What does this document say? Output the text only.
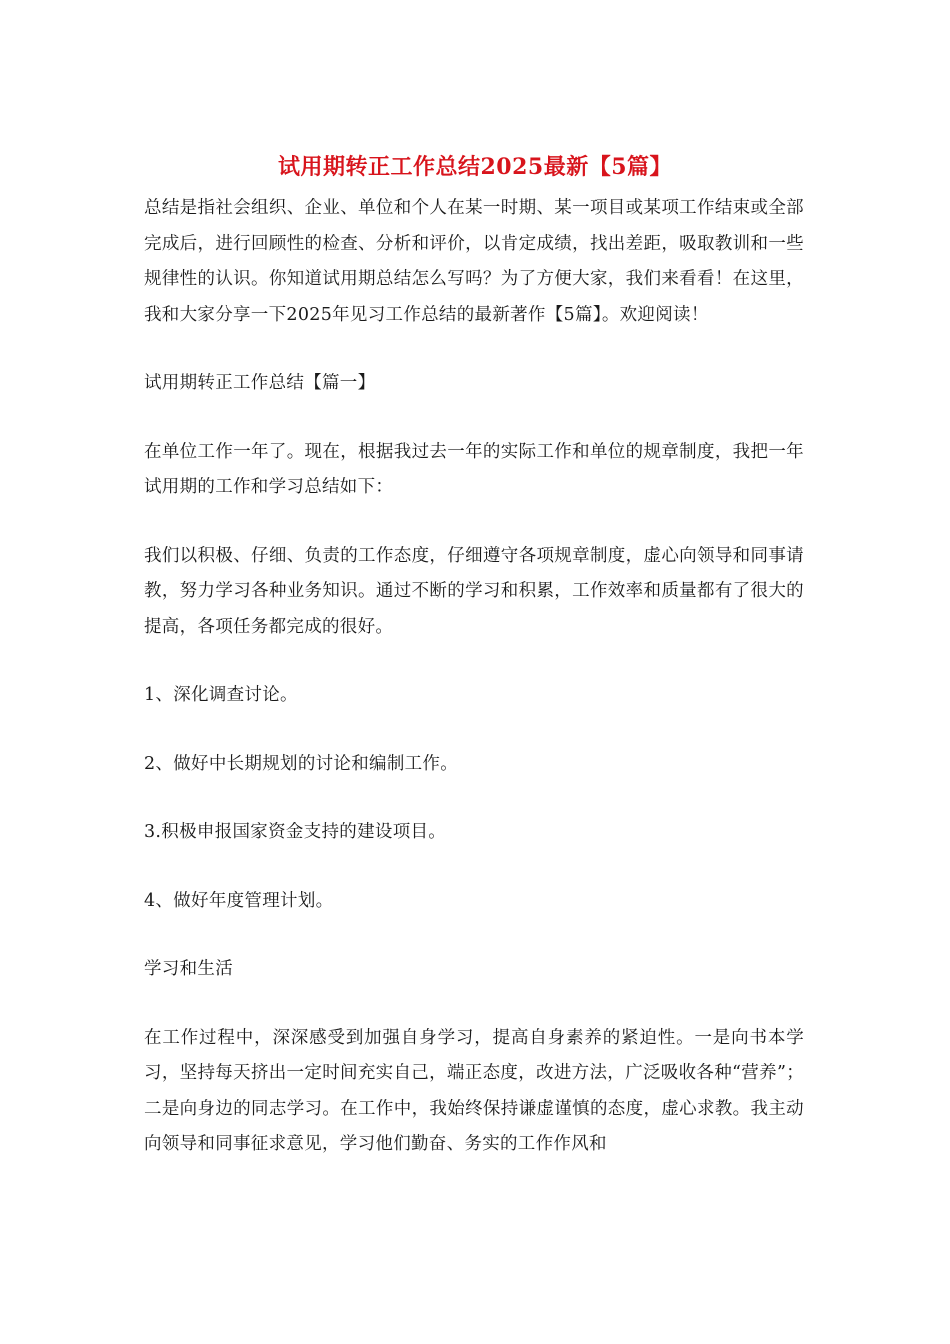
试用期转正工作总结2025最新【5篇】

总结是指社会组织、企业、单位和个人在某一时期、某一项目或某项工作结束或全部完成后，进行回顾性的检查、分析和评价，以肯定成绩，找出差距，吸取教训和一些规律性的认识。你知道试用期总结怎么写吗？为了方便大家，我们来看看！在这里，我和大家分享一下2025年见习工作总结的最新著作【5篇】。欢迎阅读！

试用期转正工作总结【篇一】

在单位工作一年了。现在，根据我过去一年的实际工作和单位的规章制度，我把一年试用期的工作和学习总结如下：

我们以积极、仔细、负责的工作态度，仔细遵守各项规章制度，虚心向领导和同事请教，努力学习各种业务知识。通过不断的学习和积累，工作效率和质量都有了很大的提高，各项任务都完成的很好。

1、深化调查讨论。

2、做好中长期规划的讨论和编制工作。

3.积极申报国家资金支持的建设项目。

4、做好年度管理计划。

学习和生活

在工作过程中，深深感受到加强自身学习，提高自身素养的紧迫性。一是向书本学习，坚持每天挤出一定时间充实自己，端正态度，改进方法，广泛吸收各种“营养”；二是向身边的同志学习。在工作中，我始终保持谦虚谨慎的态度，虚心求教。我主动向领导和同事征求意见，学习他们勤奋、务实的工作作风和
